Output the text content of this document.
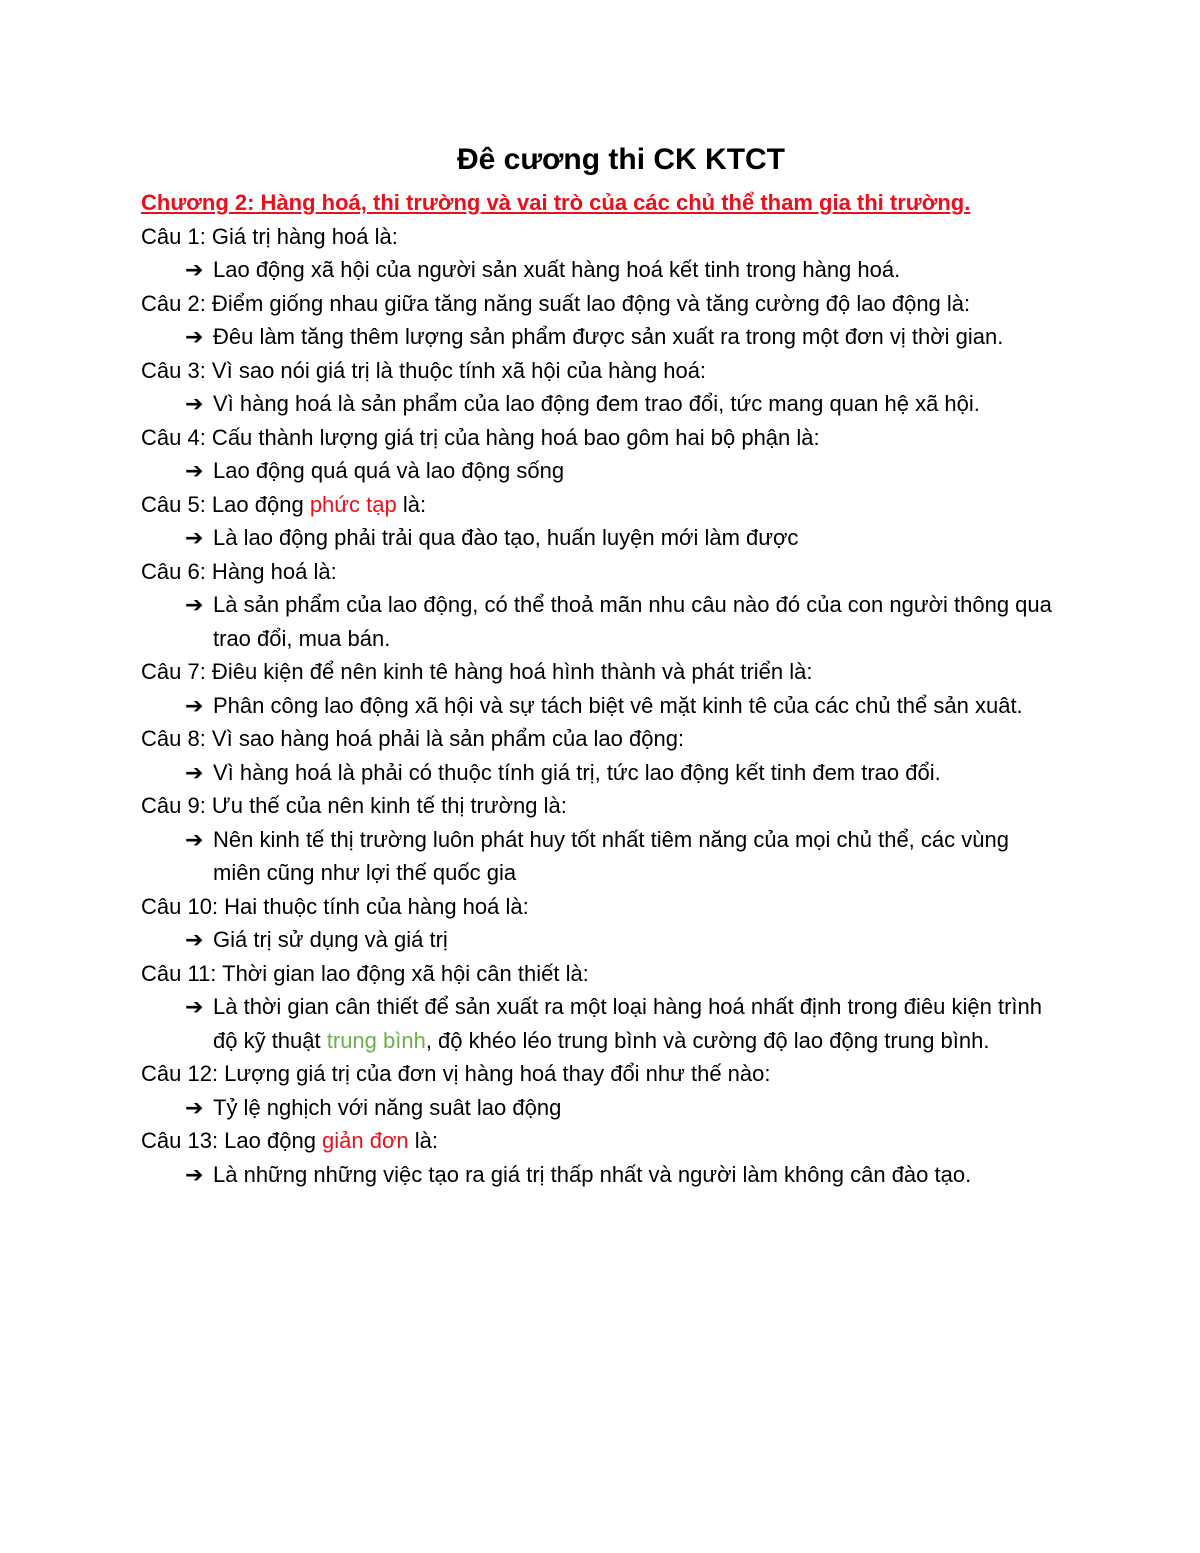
Đê cương thi CK KTCT
Chương 2: Hàng hoá, thi trường và vai trò của các chủ thể tham gia thi trường.

Câu 1: Giá trị hàng hoá là:

➔ Lao động xã hội của người sản xuất hàng hoá kết tinh trong hàng hoá.

Câu 2: Điểm giống nhau giữa tăng năng suất lao động và tăng cường độ lao động là:

➔ Đêu làm tăng thêm lượng sản phẩm được sản xuất ra trong một đơn vị thời gian.

Câu 3: Vì sao nói giá trị là thuộc tính xã hội của hàng hoá:

➔ Vì hàng hoá là sản phẩm của lao động đem trao đổi, tức mang quan hệ xã hội.

Câu 4: Cấu thành lượng giá trị của hàng hoá bao gôm hai bộ phận là:

➔ Lao động quá quá và lao động sống

Câu 5: Lao động phức tạp là:

➔ Là lao động phải trải qua đào tạo, huấn luyện mới làm được

Câu 6: Hàng hoá là:

➔ Là sản phẩm của lao động, có thể thoả mãn nhu câu nào đó của con người thông qua trao đổi, mua bán.

Câu 7: Điêu kiện để nên kinh tê hàng hoá hình thành và phát triển là:

➔ Phân công lao động xã hội và sự tách biệt vê mặt kinh tê của các chủ thể sản xuât.

Câu 8: Vì sao hàng hoá phải là sản phẩm của lao động:

➔ Vì hàng hoá là phải có thuộc tính giá trị, tức lao động kết tinh đem trao đổi.

Câu 9: Ưu thế của nên kinh tế thị trường là:

➔ Nên kinh tế thị trường luôn phát huy tốt nhất tiêm năng của mọi chủ thể, các vùng miên cũng như lợi thế quốc gia

Câu 10: Hai thuộc tính của hàng hoá là:

➔ Giá trị sử dụng và giá trị

Câu 11: Thời gian lao động xã hội cân thiết là:

➔ Là thời gian cân thiết để sản xuất ra một loại hàng hoá nhất định trong điêu kiện trình độ kỹ thuật trung bình, độ khéo léo trung bình và cường độ lao động trung bình.

Câu 12: Lượng giá trị của đơn vị hàng hoá thay đổi như thế nào:

➔ Tỷ lệ nghịch với năng suât lao động

Câu 13: Lao động giản đơn là:

➔ Là những những việc tạo ra giá trị thấp nhất và người làm không cân đào tạo.
